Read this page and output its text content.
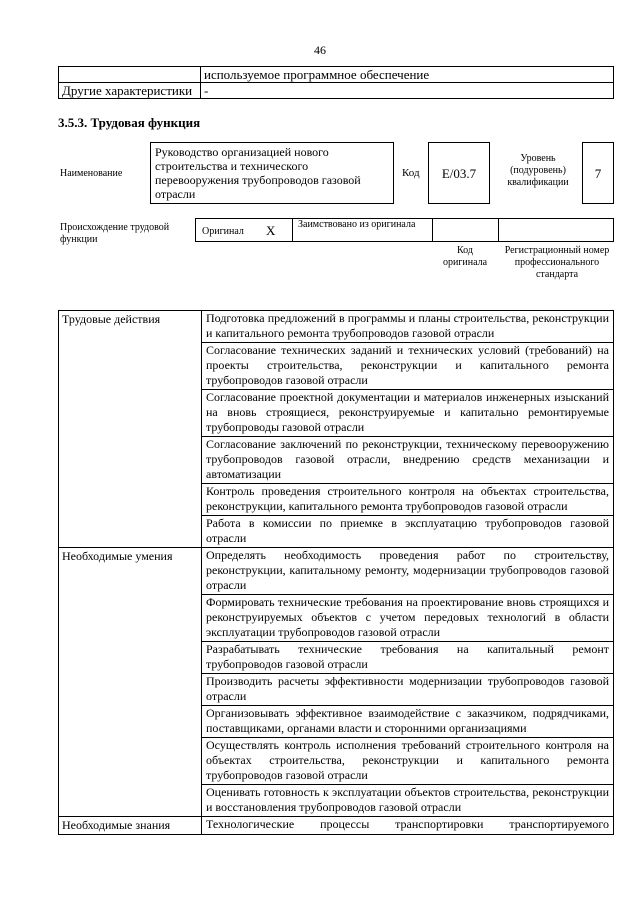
46
	используемое программное обеспечение
Другие характеристики	-
3.5.3. Трудовая функция
Наименование
Руководство организацией нового строительства и технического перевооружения трубопроводов газовой отрасли
Код	E/03.7
Уровень (подуровень) квалификации
7
Происхождение трудовой функции
Оригинал X Заимствовано из оригинала
Код оригинала
Регистрационный номер профессионального стандарта
Трудовые действия	Подготовка предложений в программы и планы строительства, реконструкции и капитального ремонта трубопроводов газовой отрасли
	Согласование технических заданий и технических условий (требований) на проекты строительства, реконструкции и капитального ремонта трубопроводов газовой отрасли
	Согласование проектной документации и материалов инженерных изысканий на вновь строящиеся, реконструируемые и капитально ремонтируемые трубопроводы газовой отрасли
	Согласование заключений по реконструкции, техническому перевооружению трубопроводов газовой отрасли, внедрению средств механизации и автоматизации
	Контроль проведения строительного контроля на объектах строительства, реконструкции, капитального ремонта трубопроводов газовой отрасли
	Работа в комиссии по приемке в эксплуатацию трубопроводов газовой отрасли
Необходимые умения	Определять необходимость проведения работ по строительству, реконструкции, капитальному ремонту, модернизации трубопроводов газовой отрасли
	Формировать технические требования на проектирование вновь строящихся и реконструируемых объектов с учетом передовых технологий в области эксплуатации трубопроводов газовой отрасли
	Разрабатывать технические требования на капитальный ремонт трубопроводов газовой отрасли
	Производить расчеты эффективности модернизации трубопроводов газовой отрасли
	Организовывать эффективное взаимодействие с заказчиком, подрядчиками, поставщиками, органами власти и сторонними организациями
	Осуществлять контроль исполнения требований строительного контроля на объектах строительства, реконструкции и капитального ремонта трубопроводов газовой отрасли
	Оценивать готовность к эксплуатации объектов строительства, реконструкции и восстановления трубопроводов газовой отрасли
Необходимые знания	Технологические процессы транспортировки транспортируемого
